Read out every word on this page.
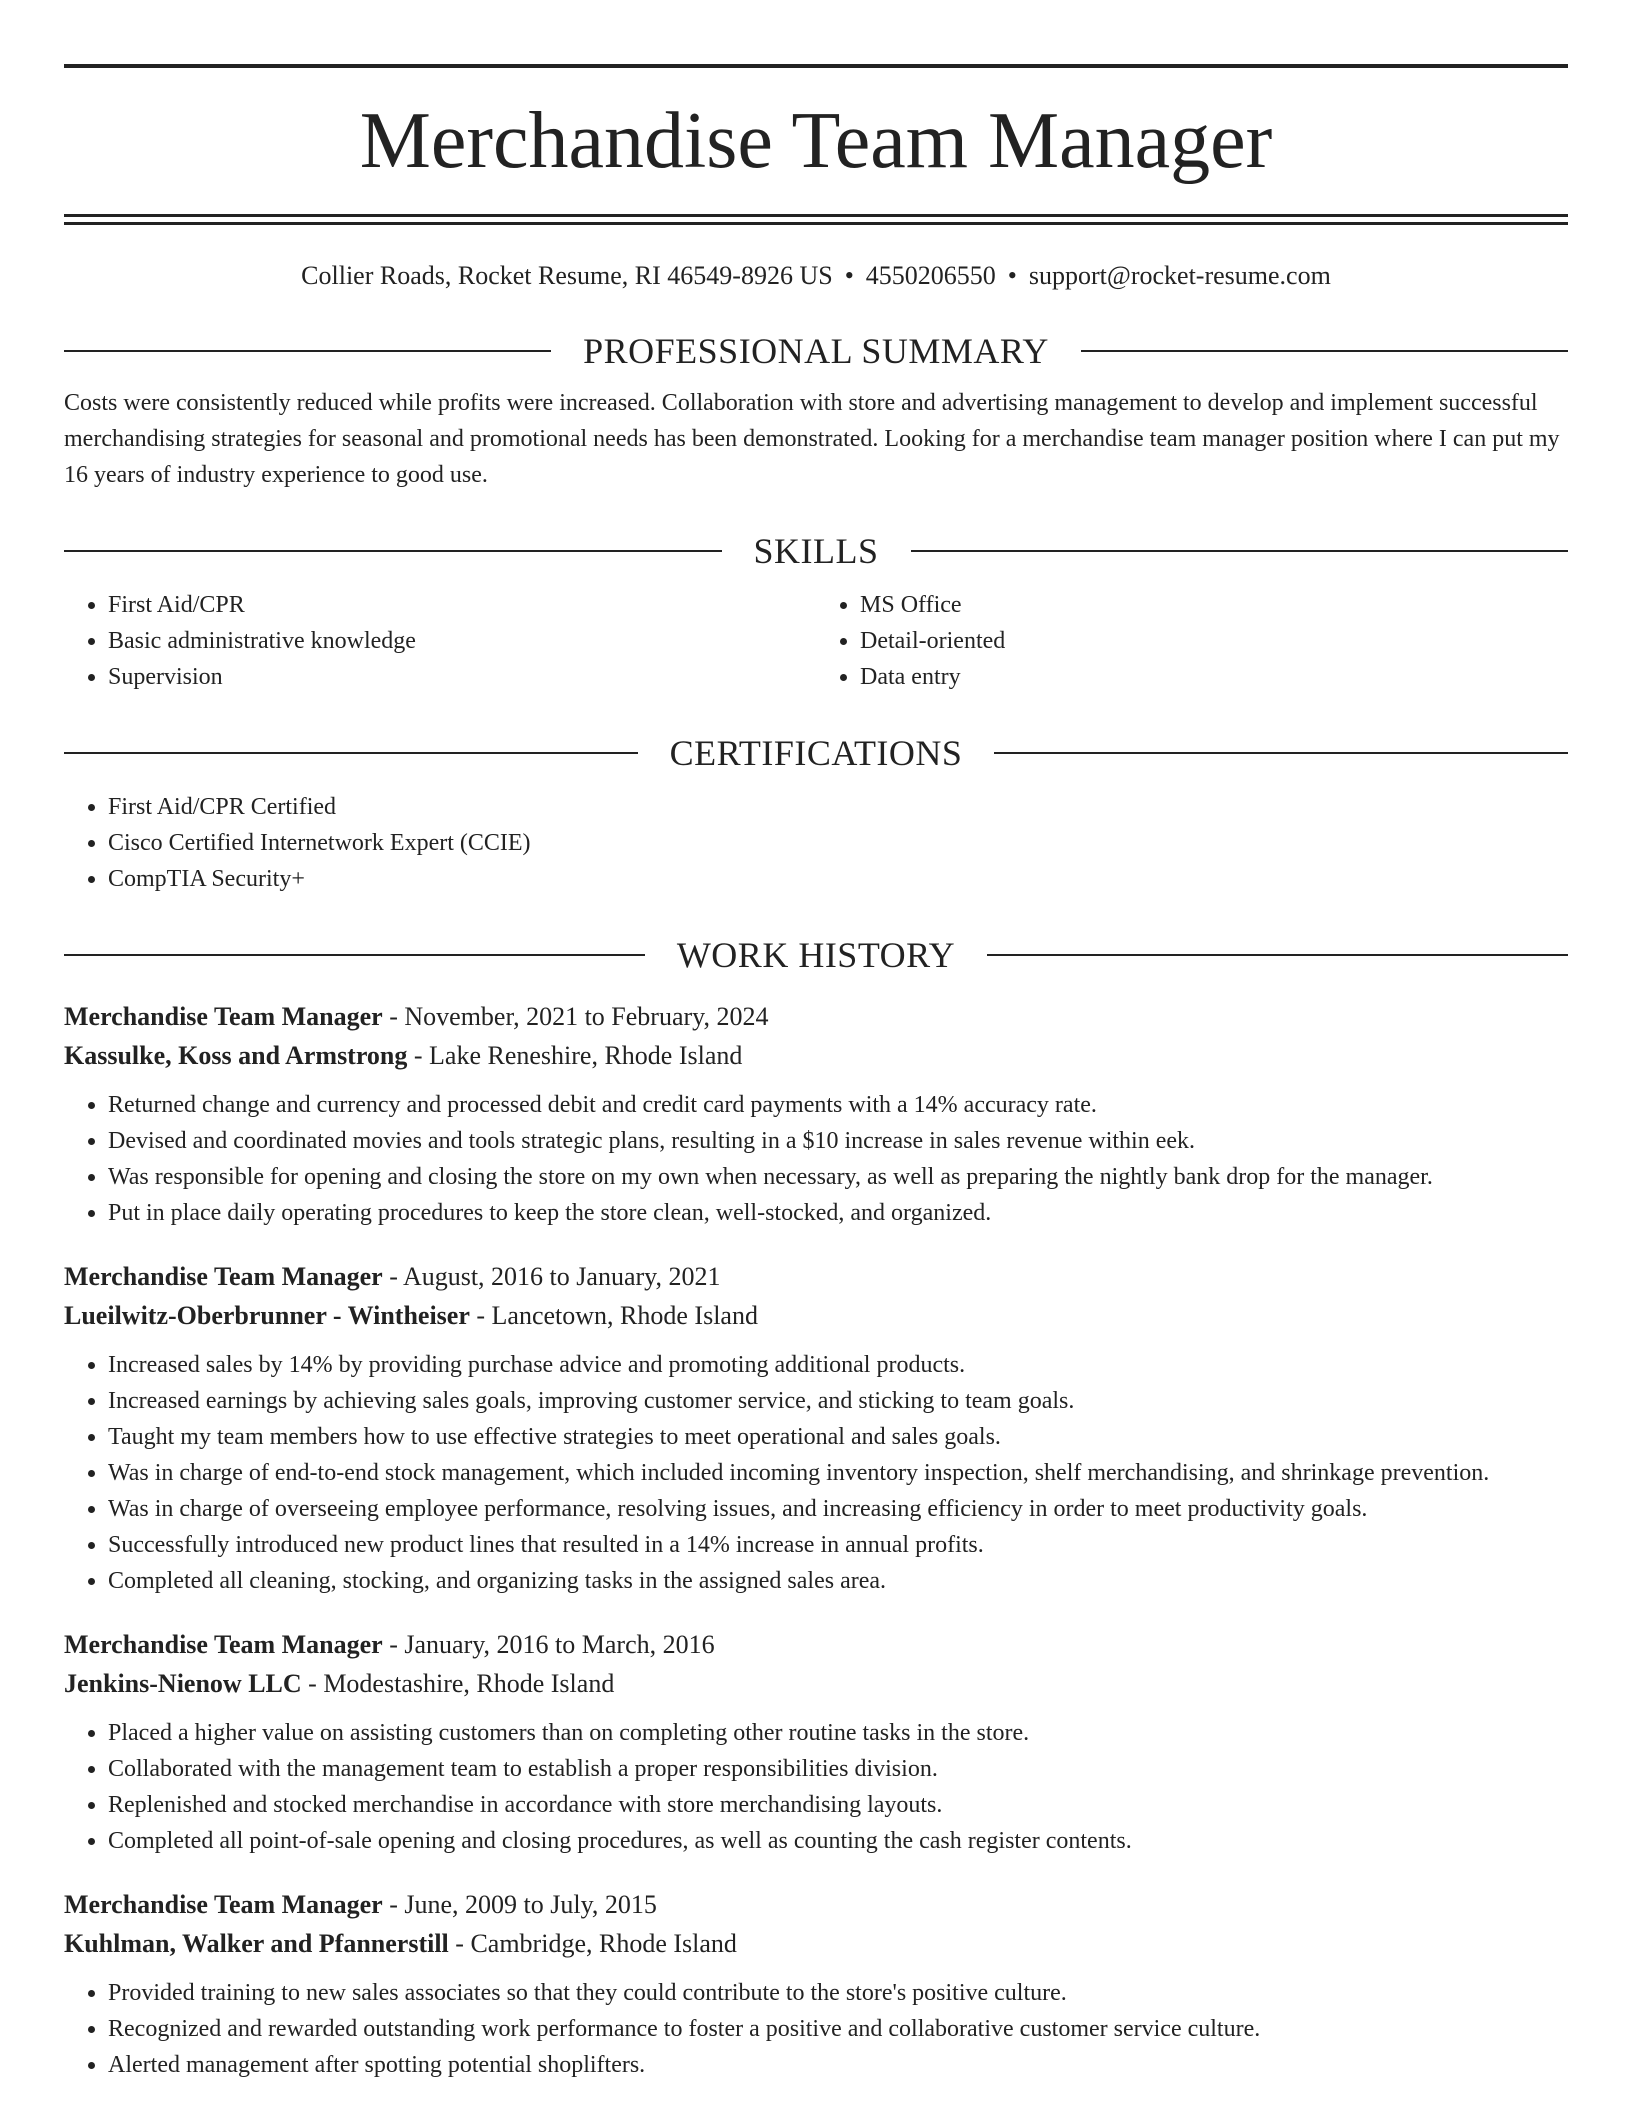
Merchandise Team Manager
Collier Roads, Rocket Resume, RI 46549-8926 US • 4550206550 • support@rocket-resume.com
PROFESSIONAL SUMMARY
Costs were consistently reduced while profits were increased. Collaboration with store and advertising management to develop and implement successful merchandising strategies for seasonal and promotional needs has been demonstrated. Looking for a merchandise team manager position where I can put my 16 years of industry experience to good use.
SKILLS
• First Aid/CPR
• Basic administrative knowledge
• Supervision
• MS Office
• Detail-oriented
• Data entry
CERTIFICATIONS
• First Aid/CPR Certified
• Cisco Certified Internetwork Expert (CCIE)
• CompTIA Security+
WORK HISTORY
Merchandise Team Manager - November, 2021 to February, 2024
Kassulke, Koss and Armstrong - Lake Reneshire, Rhode Island
• Returned change and currency and processed debit and credit card payments with a 14% accuracy rate.
• Devised and coordinated movies and tools strategic plans, resulting in a $10 increase in sales revenue within eek.
• Was responsible for opening and closing the store on my own when necessary, as well as preparing the nightly bank drop for the manager.
• Put in place daily operating procedures to keep the store clean, well-stocked, and organized.
Merchandise Team Manager - August, 2016 to January, 2021
Lueilwitz-Oberbrunner - Wintheiser - Lancetown, Rhode Island
• Increased sales by 14% by providing purchase advice and promoting additional products.
• Increased earnings by achieving sales goals, improving customer service, and sticking to team goals.
• Taught my team members how to use effective strategies to meet operational and sales goals.
• Was in charge of end-to-end stock management, which included incoming inventory inspection, shelf merchandising, and shrinkage prevention.
• Was in charge of overseeing employee performance, resolving issues, and increasing efficiency in order to meet productivity goals.
• Successfully introduced new product lines that resulted in a 14% increase in annual profits.
• Completed all cleaning, stocking, and organizing tasks in the assigned sales area.
Merchandise Team Manager - January, 2016 to March, 2016
Jenkins-Nienow LLC - Modestashire, Rhode Island
• Placed a higher value on assisting customers than on completing other routine tasks in the store.
• Collaborated with the management team to establish a proper responsibilities division.
• Replenished and stocked merchandise in accordance with store merchandising layouts.
• Completed all point-of-sale opening and closing procedures, as well as counting the cash register contents.
Merchandise Team Manager - June, 2009 to July, 2015
Kuhlman, Walker and Pfannerstill - Cambridge, Rhode Island
• Provided training to new sales associates so that they could contribute to the store's positive culture.
• Recognized and rewarded outstanding work performance to foster a positive and collaborative customer service culture.
• Alerted management after spotting potential shoplifters.
